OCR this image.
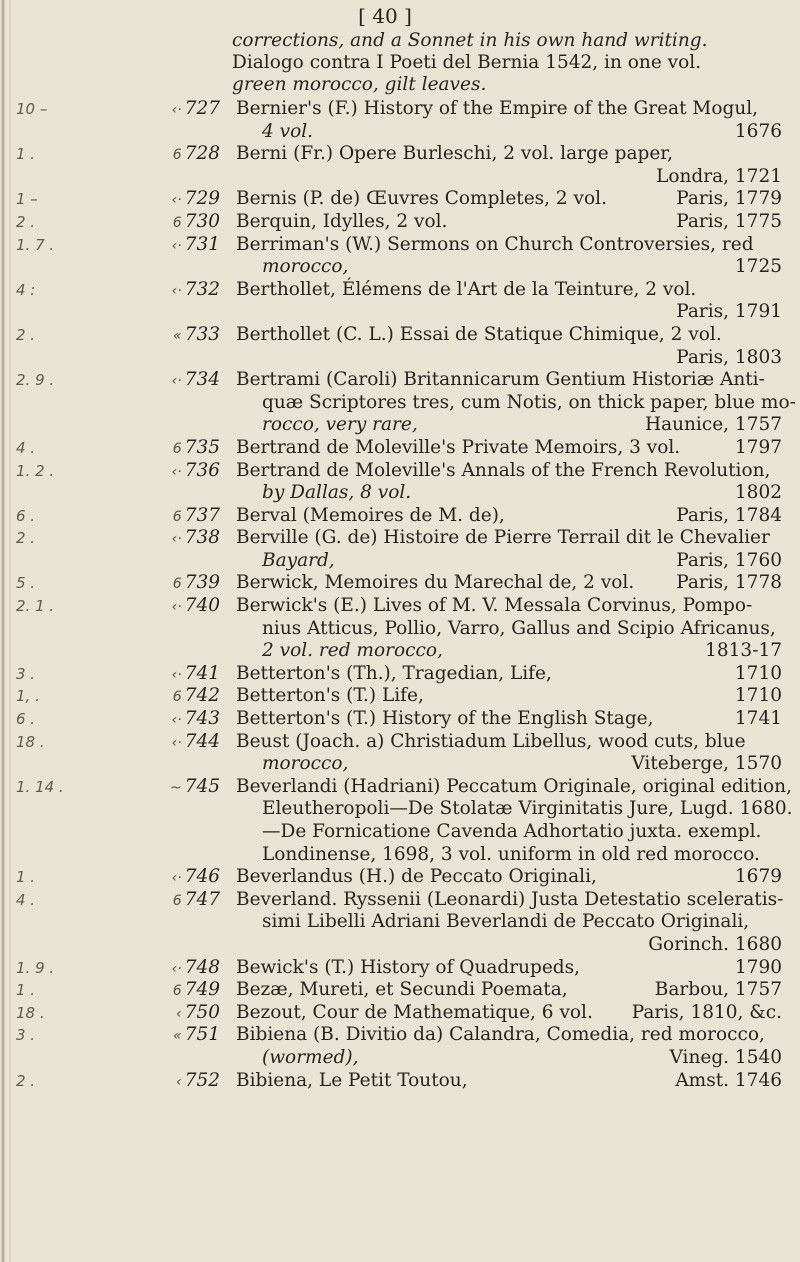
[ 40 ]
corrections, and a Sonnet in his own hand writing.
Dialogo contra I Poeti del Bernia 1542, in one vol.
green morocco, gilt leaves.
10 –	‹· 727 Bernier's (F.) History of the Empire of the Great Mogul,
4 vol.	1676
1 .	6 728 Berni (Fr.) Opere Burleschi, 2 vol. large paper,
Londra, 1721
1 –	‹· 729 Bernis (P. de) Œuvres Completes, 2 vol.	Paris, 1779
2 .	6 730 Berquin, Idylles, 2 vol.	Paris, 1775
1. 7 .	‹· 731 Berriman's (W.) Sermons on Church Controversies, red
morocco,	1725
4 :	‹· 732 Berthollet, Élémens de l'Art de la Teinture, 2 vol.
Paris, 1791
2 .	« 733 Berthollet (C. L.) Essai de Statique Chimique, 2 vol.
Paris, 1803
2. 9 .	‹· 734 Bertrami (Caroli) Britannicarum Gentium Historiæ Anti-
quæ Scriptores tres, cum Notis, on thick paper, blue mo-
rocco, very rare,	Haunice, 1757
4 .	6 735 Bertrand de Moleville's Private Memoirs, 3 vol.	1797
1. 2 .	‹· 736 Bertrand de Moleville's Annals of the French Revolution,
by Dallas, 8 vol.	1802
6 .	6 737 Berval (Memoires de M. de),	Paris, 1784
2 .	‹· 738 Berville (G. de) Histoire de Pierre Terrail dit le Chevalier
Bayard,	Paris, 1760
5 .	6 739 Berwick, Memoires du Marechal de, 2 vol.	Paris, 1778
2. 1 .	‹· 740 Berwick's (E.) Lives of M. V. Messala Corvinus, Pompo-
nius Atticus, Pollio, Varro, Gallus and Scipio Africanus,
2 vol. red morocco,	1813-17
3 .	‹· 741 Betterton's (Th.), Tragedian, Life,	1710
1, .	6 742 Betterton's (T.) Life,	1710
6 .	‹· 743 Betterton's (T.) History of the English Stage,	1741
18 .	‹· 744 Beust (Joach. a) Christiadum Libellus, wood cuts, blue
morocco,	Viteberge, 1570
1. 14 .	~ 745 Beverlandi (Hadriani) Peccatum Originale, original edition,
Eleutheropoli—De Stolatæ Virginitatis Jure, Lugd. 1680.
—De Fornicatione Cavenda Adhortatio juxta. exempl.
Londinense, 1698, 3 vol. uniform in old red morocco.
1 .	‹· 746 Beverlandus (H.) de Peccato Originali,	1679
4 .	6 747 Beverland. Ryssenii (Leonardi) Justa Detestatio sceleratis-
simi Libelli Adriani Beverlandi de Peccato Originali,
Gorinch. 1680
1. 9 .	‹· 748 Bewick's (T.) History of Quadrupeds,	1790
1 .	6 749 Bezæ, Mureti, et Secundi Poemata,	Barbou, 1757
18 .	‹ 750 Bezout, Cour de Mathematique, 6 vol.	Paris, 1810, &c.
3 .	« 751 Bibiena (B. Divitio da) Calandra, Comedia, red morocco,
(wormed),	Vineg. 1540
2 .	‹ 752 Bibiena, Le Petit Toutou,	Amst. 1746
